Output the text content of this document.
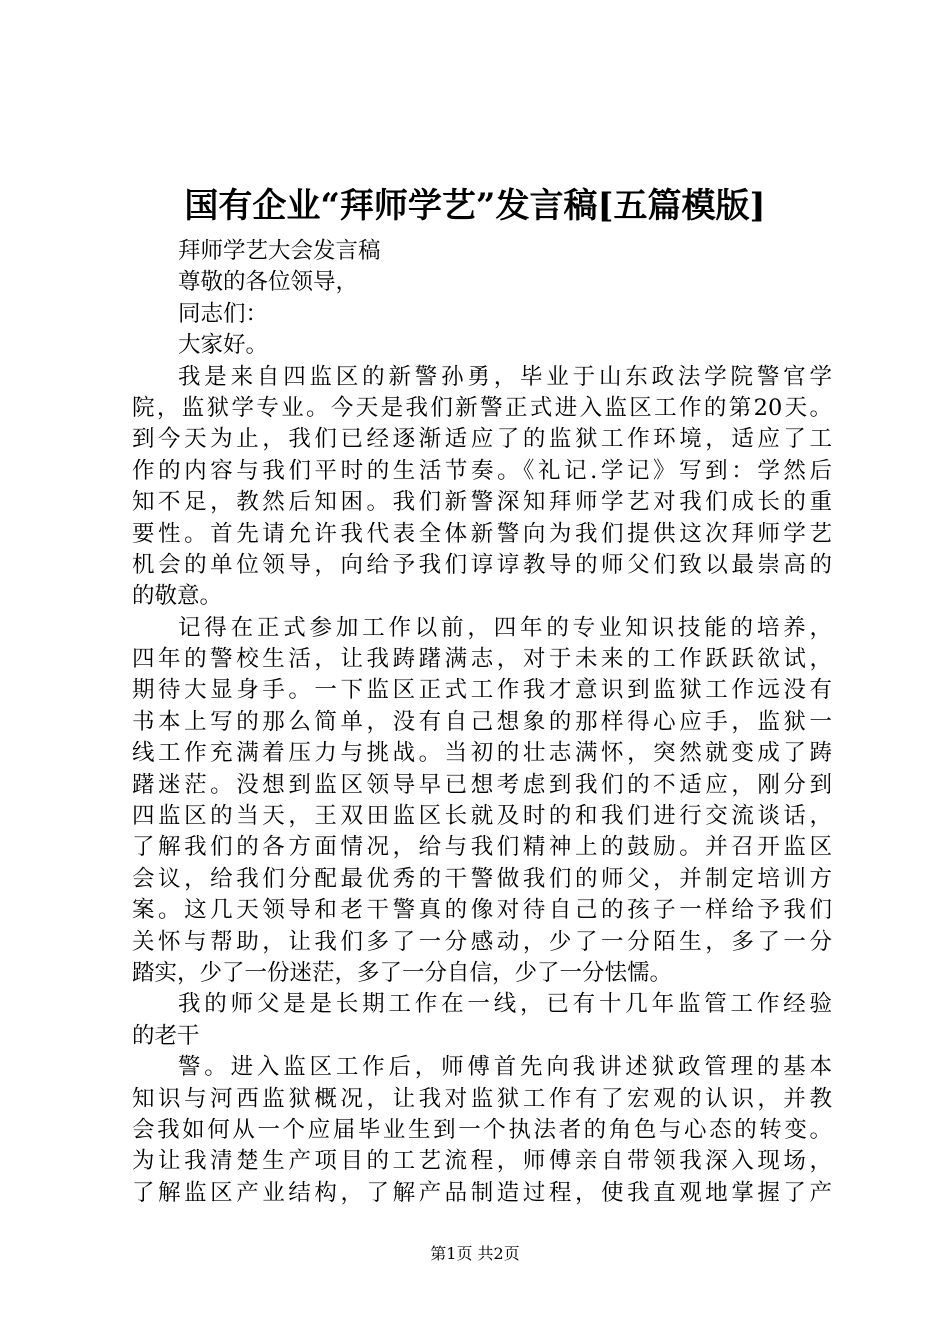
国有企业“拜师学艺”发言稿[五篇模版]
拜师学艺大会发言稿
尊敬的各位领导，
同志们：
大家好。
我是来自四监区的新警孙勇，毕业于山东政法学院警官学
院，监狱学专业。今天是我们新警正式进入监区工作的第20天。
到今天为止，我们已经逐渐适应了的监狱工作环境，适应了工
作的内容与我们平时的生活节奏。《礼记.学记》写到：学然后
知不足，教然后知困。我们新警深知拜师学艺对我们成长的重
要性。首先请允许我代表全体新警向为我们提供这次拜师学艺
机会的单位领导，向给予我们谆谆教导的师父们致以最崇高的
的敬意。
记得在正式参加工作以前，四年的专业知识技能的培养，
四年的警校生活，让我踌躇满志，对于未来的工作跃跃欲试，
期待大显身手。一下监区正式工作我才意识到监狱工作远没有
书本上写的那么简单，没有自己想象的那样得心应手，监狱一
线工作充满着压力与挑战。当初的壮志满怀，突然就变成了踌
躇迷茫。没想到监区领导早已想考虑到我们的不适应，刚分到
四监区的当天，王双田监区长就及时的和我们进行交流谈话，
了解我们的各方面情况，给与我们精神上的鼓励。并召开监区
会议，给我们分配最优秀的干警做我们的师父，并制定培训方
案。这几天领导和老干警真的像对待自己的孩子一样给予我们
关怀与帮助，让我们多了一分感动，少了一分陌生，多了一分
踏实，少了一份迷茫，多了一分自信，少了一分怯懦。
我的师父是是长期工作在一线，已有十几年监管工作经验
的老干
警。进入监区工作后，师傅首先向我讲述狱政管理的基本
知识与河西监狱概况，让我对监狱工作有了宏观的认识，并教
会我如何从一个应届毕业生到一个执法者的角色与心态的转变。
为让我清楚生产项目的工艺流程，师傅亲自带领我深入现场，
了解监区产业结构，了解产品制造过程，使我直观地掌握了产
第1页 共2页
